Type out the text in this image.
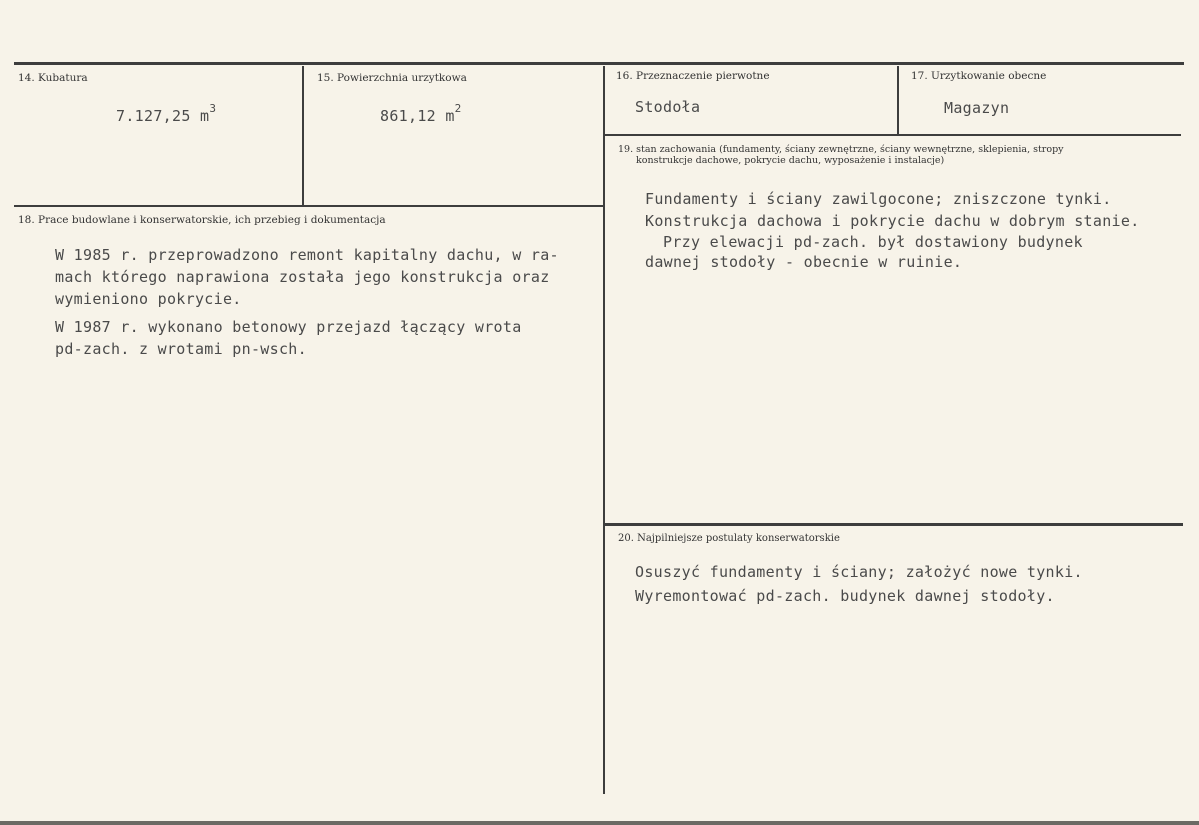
14. Kubatura
7.127,25 $m^3$
15. Powierzchnia urzytkowa
861,12 $m^2$
16. Przeznaczenie pierwotne
Stodoła
17. Urzytkowanie obecne
Magazyn
18. Prace budowlane i konserwatorskie, ich przebieg i dokumentacja
W 1985 r. przeprowadzono remont kapitalny dachu, w ra-
mach którego naprawiona została jego konstrukcja oraz
wymieniono pokrycie.
W 1987 r. wykonano betonowy przejazd łączący wrota
pd-zach. z wrotami pn-wsch.
19. stan zachowania (fundamenty, ściany zewnętrzne, ściany wewnętrzne, sklepienia, stropy
konstrukcje dachowe, pokrycie dachu, wyposażenie i instalacje)
Fundamenty i ściany zawilgocone; zniszczone tynki.
Konstrukcja dachowa i pokrycie dachu w dobrym stanie.
Przy elewacji pd-zach. był dostawiony budynek
dawnej stodoły - obecnie w ruinie.
20. Najpilniejsze postulaty konserwatorskie
Osuszyć fundamenty i ściany; założyć nowe tynki.
Wyremontować pd-zach. budynek dawnej stodoły.
